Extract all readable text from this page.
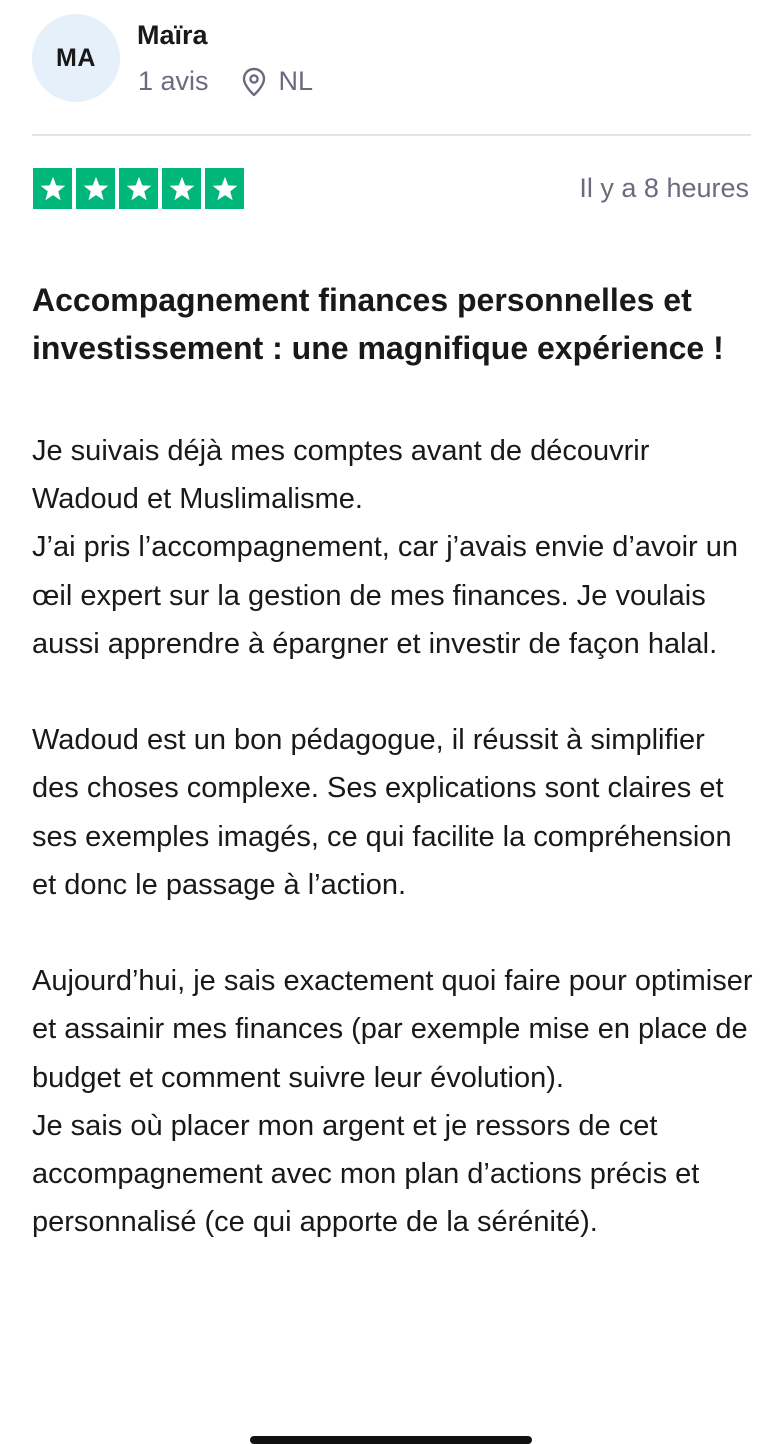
MA
Maïra
1 avis	NL
Il y a 8 heures
Accompagnement finances personnelles et investissement : une magnifique expérience !

Je suivais déjà mes comptes avant de découvrir Wadoud et Muslimalisme.

J’ai pris l’accompagnement, car j’avais envie d’avoir un œil expert sur la gestion de mes finances. Je voulais aussi apprendre à épargner et investir de façon halal.

Wadoud est un bon pédagogue, il réussit à simplifier des choses complexe. Ses explications sont claires et ses exemples imagés, ce qui facilite la compréhension et donc le passage à l’action.

Aujourd’hui, je sais exactement quoi faire pour optimiser et assainir mes finances (par exemple mise en place de budget et comment suivre leur évolution).

Je sais où placer mon argent et je ressors de cet accompagnement avec mon plan d’actions précis et personnalisé (ce qui apporte de la sérénité).
